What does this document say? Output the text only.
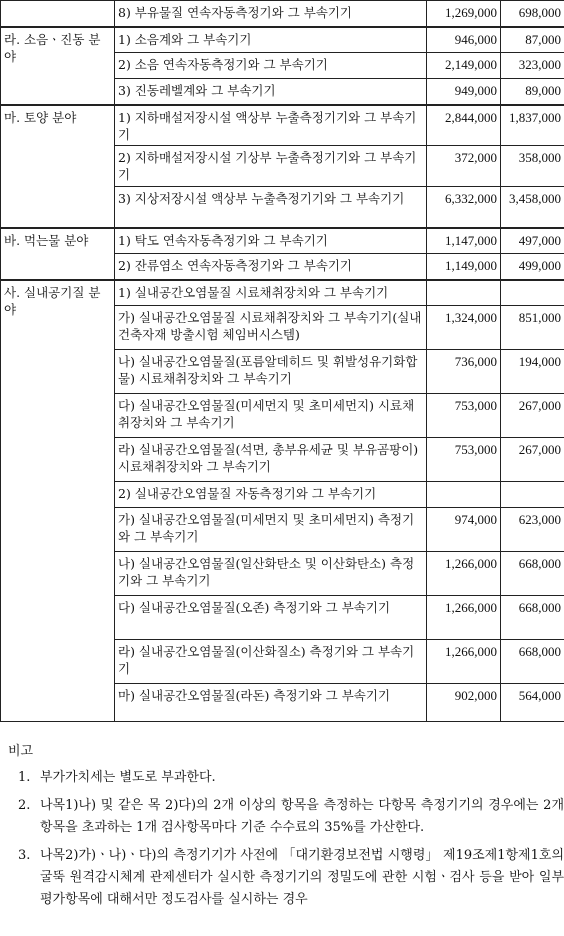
	8) 부유물질 연속자동측정기와 그 부속기기	1,269,000	698,000
라. 소음ㆍ진동 분야	1) 소음계와 그 부속기기	946,000	87,000
	2) 소음 연속자동측정기와 그 부속기기	2,149,000	323,000
	3) 진동레벨계와 그 부속기기	949,000	89,000
마. 토양 분야	1) 지하매설저장시설 액상부 누출측정기기와 그 부속기기	2,844,000	1,837,000
	2) 지하매설저장시설 기상부 누출측정기기와 그 부속기기	372,000	358,000
	3) 지상저장시설 액상부 누출측정기기와 그 부속기기	6,332,000	3,458,000
바. 먹는물 분야	1) 탁도 연속자동측정기와 그 부속기기	1,147,000	497,000
	2) 잔류염소 연속자동측정기와 그 부속기기	1,149,000	499,000
사. 실내공기질 분야	1) 실내공간오염물질 시료채취장치와 그 부속기기		
	가) 실내공간오염물질 시료채취장치와 그 부속기기(실내건축자재 방출시험 체임버시스템)	1,324,000	851,000
	나) 실내공간오염물질(포름알데히드 및 휘발성유기화합물) 시료채취장치와 그 부속기기	736,000	194,000
	다) 실내공간오염물질(미세먼지 및 초미세먼지) 시료채취장치와 그 부속기기	753,000	267,000
	라) 실내공간오염물질(석면, 총부유세균 및 부유곰팡이) 시료채취장치와 그 부속기기	753,000	267,000
	2) 실내공간오염물질 자동측정기와 그 부속기기		
	가) 실내공간오염물질(미세먼지 및 초미세먼지) 측정기와 그 부속기기	974,000	623,000
	나) 실내공간오염물질(일산화탄소 및 이산화탄소) 측정기와 그 부속기기	1,266,000	668,000
	다) 실내공간오염물질(오존) 측정기와 그 부속기기	1,266,000	668,000
	라) 실내공간오염물질(이산화질소) 측정기와 그 부속기기	1,266,000	668,000
	마) 실내공간오염물질(라돈) 측정기와 그 부속기기	902,000	564,000
비고
1. 부가가치세는 별도로 부과한다.
2. 나목1)나) 및 같은 목 2)다)의 2개 이상의 항목을 측정하는 다항목 측정기기의 경우에는 2개 항목을 초과하는 1개 검사항목마다 기준 수수료의 35%를 가산한다.
3. 나목2)가)ㆍ나)ㆍ다)의 측정기기가 사전에 「대기환경보전법 시행령」 제19조제1항제1호의 굴뚝 원격감시체계 관제센터가 실시한 측정기기의 정밀도에 관한 시험ㆍ검사 등을 받아 일부 평가항목에 대해서만 정도검사를 실시하는 경우
